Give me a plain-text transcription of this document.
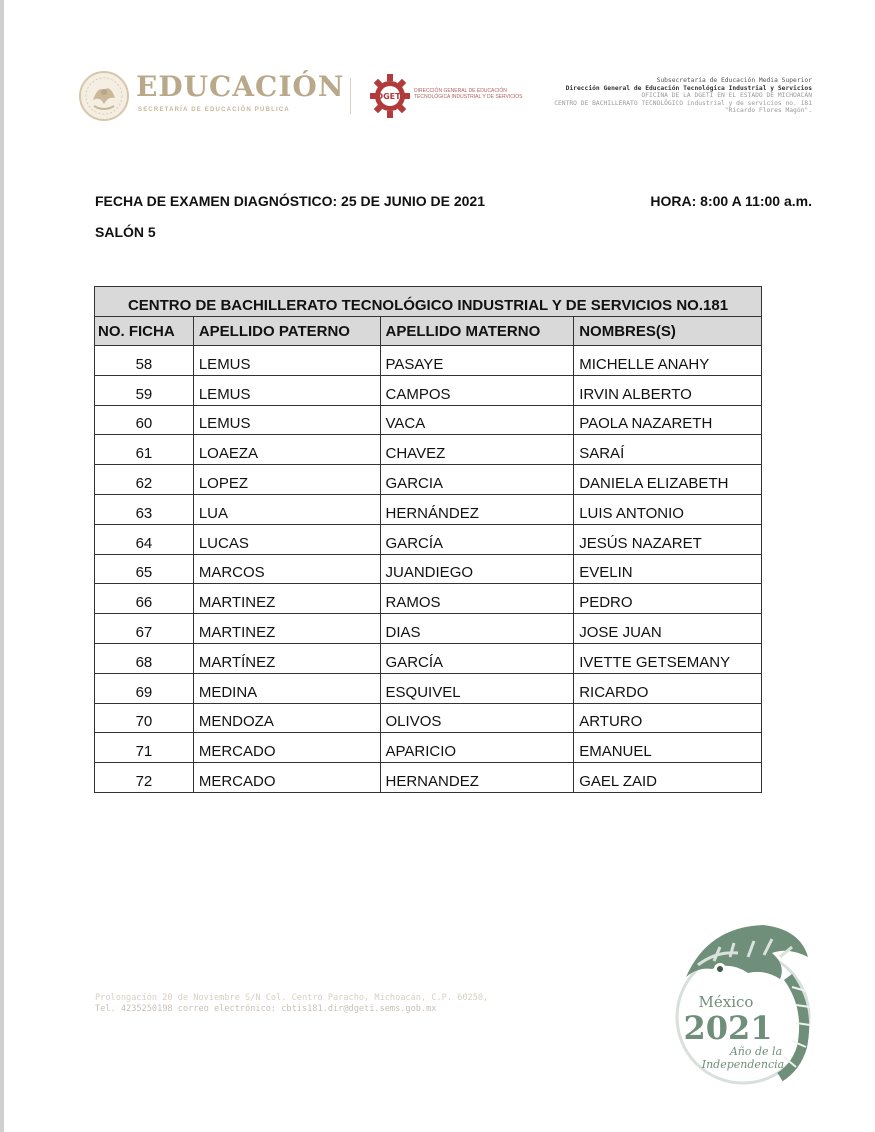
EDUCACIÓN
SECRETARÍA DE EDUCACIÓN PÚBLICA
DGETI
DIRECCIÓN GENERAL DE EDUCACIÓN
TECNOLÓGICA INDUSTRIAL Y DE SERVICIOS
Subsecretaría de Educación Media Superior
Dirección General de Educación Tecnológica Industrial y Servicios
OFICINA DE LA DGETI EN EL ESTADO DE MICHOACÁN
CENTRO DE BACHILLERATO TECNOLÓGICO industrial y de servicios no. 181
"Ricardo Flores Magón".
FECHA DE EXAMEN DIAGNÓSTICO: 25 DE JUNIO DE 2021	HORA: 8:00 A 11:00 a.m.
SALÓN 5
CENTRO DE BACHILLERATO TECNOLÓGICO INDUSTRIAL Y DE SERVICIOS NO.181			
NO. FICHA	APELLIDO PATERNO	APELLIDO MATERNO	NOMBRES(S)
58	LEMUS	PASAYE	MICHELLE ANAHY
59	LEMUS	CAMPOS	IRVIN ALBERTO
60	LEMUS	VACA	PAOLA NAZARETH
61	LOAEZA	CHAVEZ	SARAÍ
62	LOPEZ	GARCIA	DANIELA ELIZABETH
63	LUA	HERNÁNDEZ	LUIS ANTONIO
64	LUCAS	GARCÍA	JESÚS NAZARET
65	MARCOS	JUANDIEGO	EVELIN
66	MARTINEZ	RAMOS	PEDRO
67	MARTINEZ	DIAS	JOSE JUAN
68	MARTÍNEZ	GARCÍA	IVETTE GETSEMANY
69	MEDINA	ESQUIVEL	RICARDO
70	MENDOZA	OLIVOS	ARTURO
71	MERCADO	APARICIO	EMANUEL
72	MERCADO	HERNANDEZ	GAEL ZAID
Prolongación 20 de Noviembre S/N Col. Centro Paracho, Michoacán, C.P. 60250,
Tel. 4235250198 correo electrónico: cbtis181.dir@dgeti.sems.gob.mx	México
2021
Año de la
Independencia
